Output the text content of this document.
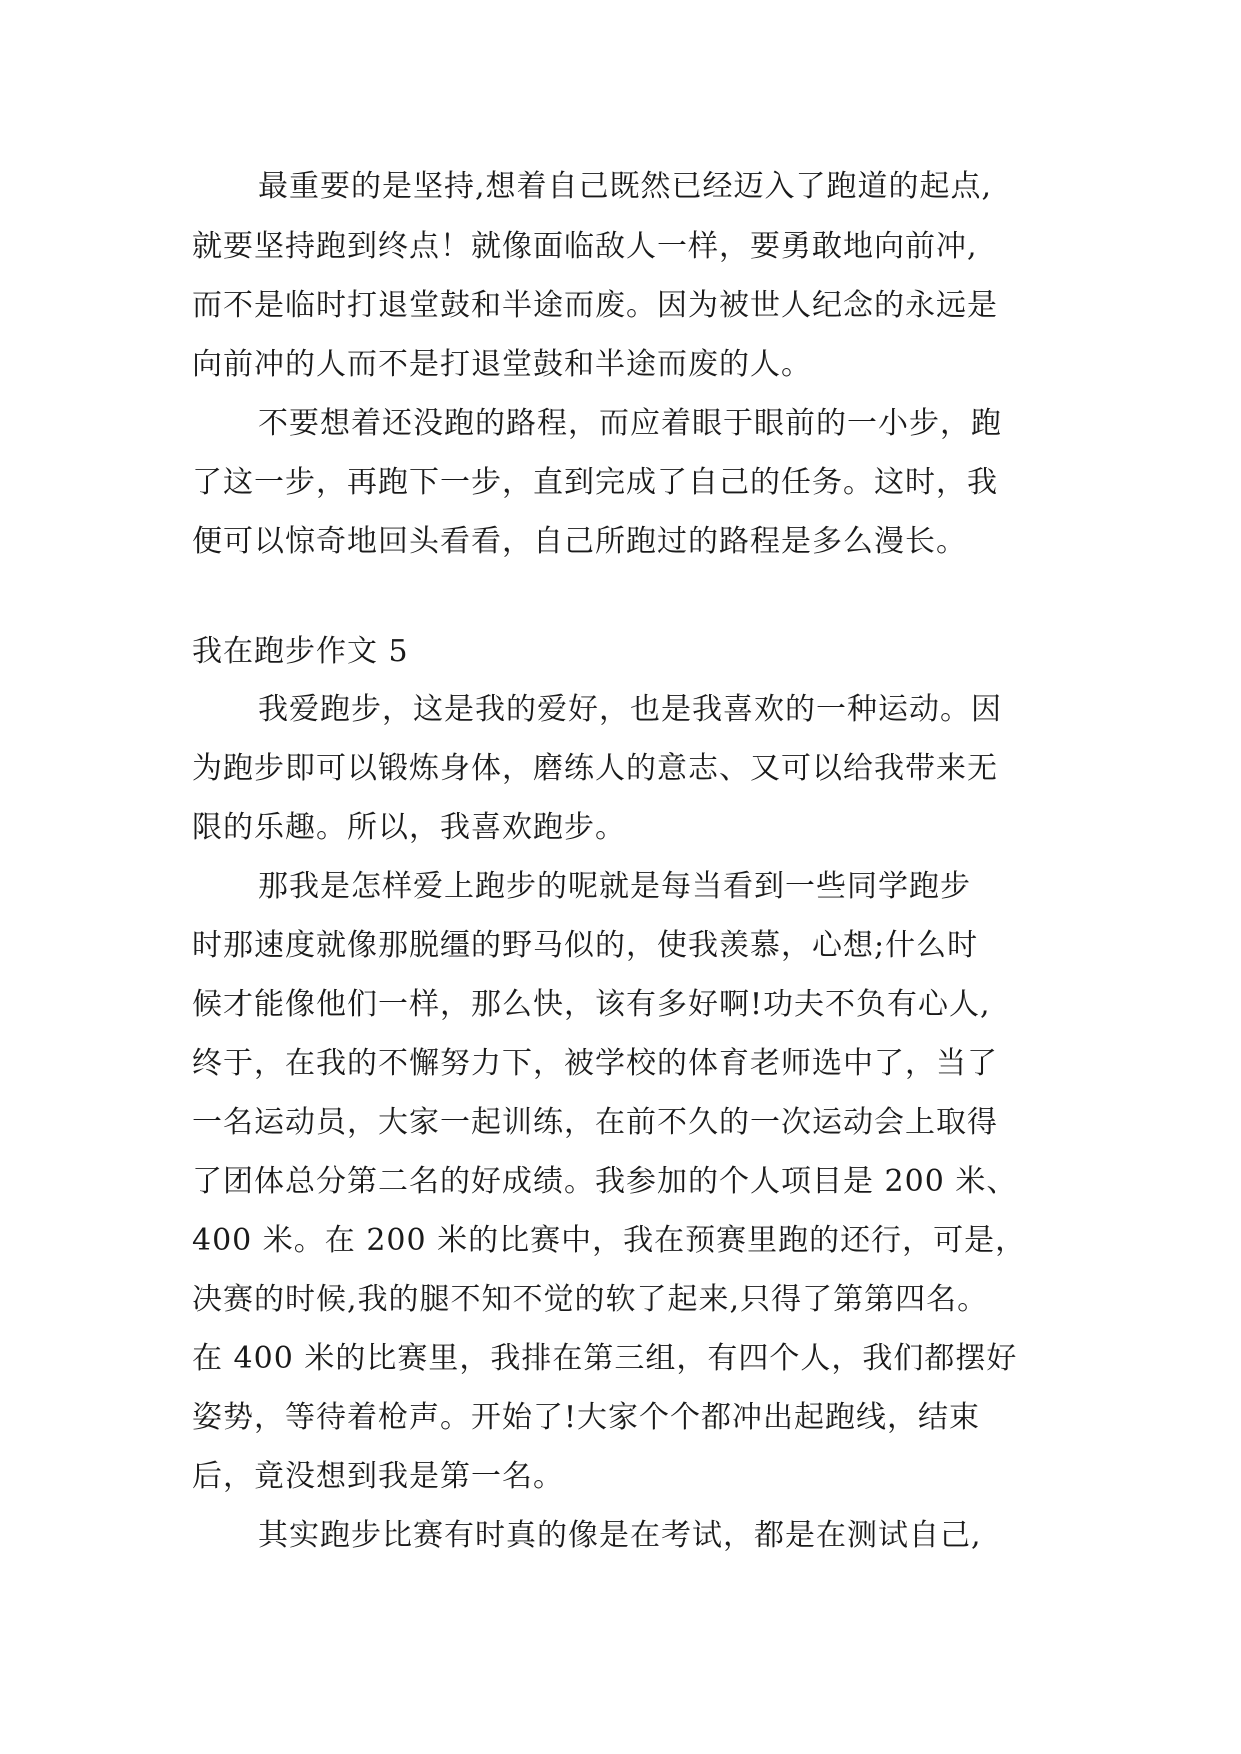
最重要的是坚持,想着自己既然已经迈入了跑道的起点,
就要坚持跑到终点！就像面临敌人一样，要勇敢地向前冲,
而不是临时打退堂鼓和半途而废。因为被世人纪念的永远是
向前冲的人而不是打退堂鼓和半途而废的人。
不要想着还没跑的路程，而应着眼于眼前的一小步，跑
了这一步，再跑下一步，直到完成了自己的任务。这时，我
便可以惊奇地回头看看，自己所跑过的路程是多么漫长。
我在跑步作文 5
我爱跑步，这是我的爱好，也是我喜欢的一种运动。因
为跑步即可以锻炼身体，磨练人的意志、又可以给我带来无
限的乐趣。所以，我喜欢跑步。
那我是怎样爱上跑步的呢就是每当看到一些同学跑步
时那速度就像那脱缰的野马似的，使我羡慕，心想;什么时
候才能像他们一样，那么快，该有多好啊!功夫不负有心人,
终于，在我的不懈努力下，被学校的体育老师选中了，当了
一名运动员，大家一起训练，在前不久的一次运动会上取得
了团体总分第二名的好成绩。我参加的个人项目是 200 米、
400 米。在 200 米的比赛中，我在预赛里跑的还行，可是，
决赛的时候,我的腿不知不觉的软了起来,只得了第第四名。
在 400 米的比赛里，我排在第三组，有四个人，我们都摆好
姿势，等待着枪声。开始了!大家个个都冲出起跑线，结束
后，竟没想到我是第一名。
其实跑步比赛有时真的像是在考试，都是在测试自己,
